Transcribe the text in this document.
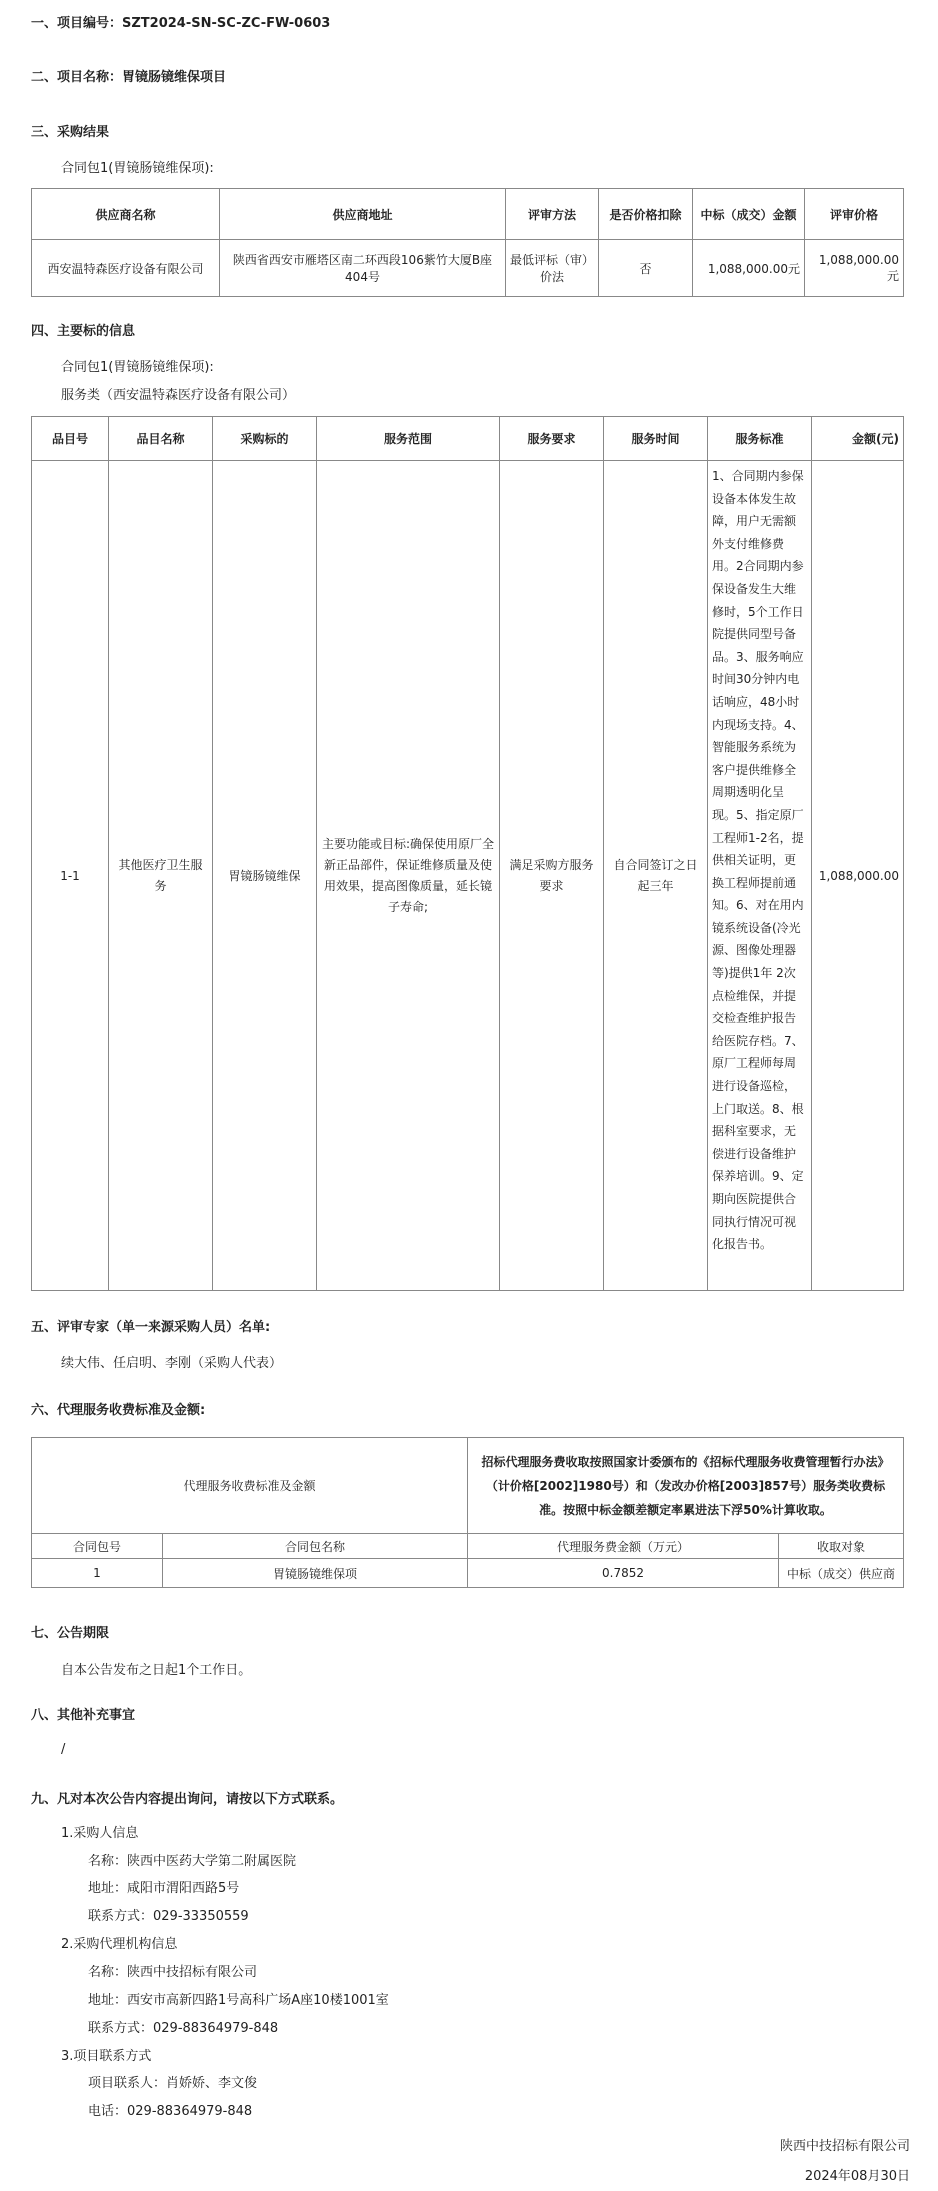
一、项目编号：SZT2024-SN-SC-ZC-FW-0603
二、项目名称：胃镜肠镜维保项目
三、采购结果
合同包1(胃镜肠镜维保项):
供应商名称	供应商地址	评审方法	是否价格扣除	中标（成交）金额	评审价格
西安温特森医疗设备有限公司	陕西省西安市雁塔区南二环西段106紫竹大厦B座404号	最低评标（审）价法	否	1,088,000.00元	1,088,000.00元
四、主要标的信息
合同包1(胃镜肠镜维保项):
服务类（西安温特森医疗设备有限公司）
品目号	品目名称	采购标的	服务范围	服务要求	服务时间	服务标准	金额(元)
1-1	其他医疗卫生服务	胃镜肠镜维保	主要功能或目标:确保使用原厂全新正品部件，保证维修质量及使用效果，提高图像质量，延长镜子寿命;	满足采购方服务要求	自合同签订之日起三年	1、合同期内参保设备本体发生故障，用户无需额外支付维修费用。2合同期内参保设备发生大维修时，5个工作日院提供同型号备品。3、服务响应时间30分钟内电话响应，48小时内现场支持。4、智能服务系统为客户提供维修全周期透明化呈现。5、指定原厂工程师1-2名，提供相关证明，更换工程师提前通知。6、对在用内镜系统设备(冷光源、图像处理器等)提供1年 2次点检维保，并提交检查维护报告给医院存档。7、原厂工程师每周进行设备巡检，上门取送。8、根据科室要求，无偿进行设备维护保养培训。9、定期向医院提供合同执行情况可视化报告书。	1,088,000.00
五、评审专家（单一来源采购人员）名单:
续大伟、任启明、李刚（采购人代表）
六、代理服务收费标准及金额:
代理服务收费标准及金额		招标代理服务费收取按照国家计委颁布的《招标代理服务收费管理暂行办法》（计价格[2002]1980号）和（发改办价格[2003]857号）服务类收费标准。按照中标金额差额定率累进法下浮50%计算收取。	
合同包号	合同包名称	代理服务费金额（万元）	收取对象
1	胃镜肠镜维保项	0.7852	中标（成交）供应商
七、公告期限
自本公告发布之日起1个工作日。
八、其他补充事宜
/
九、凡对本次公告内容提出询问，请按以下方式联系。
1.采购人信息
名称：陕西中医药大学第二附属医院
地址：咸阳市渭阳西路5号
联系方式：029-33350559
2.采购代理机构信息
名称：陕西中技招标有限公司
地址：西安市高新四路1号高科广场A座10楼1001室
联系方式：029-88364979-848
3.项目联系方式
项目联系人：肖娇娇、李文俊
电话：029-88364979-848
陕西中技招标有限公司
2024年08月30日
